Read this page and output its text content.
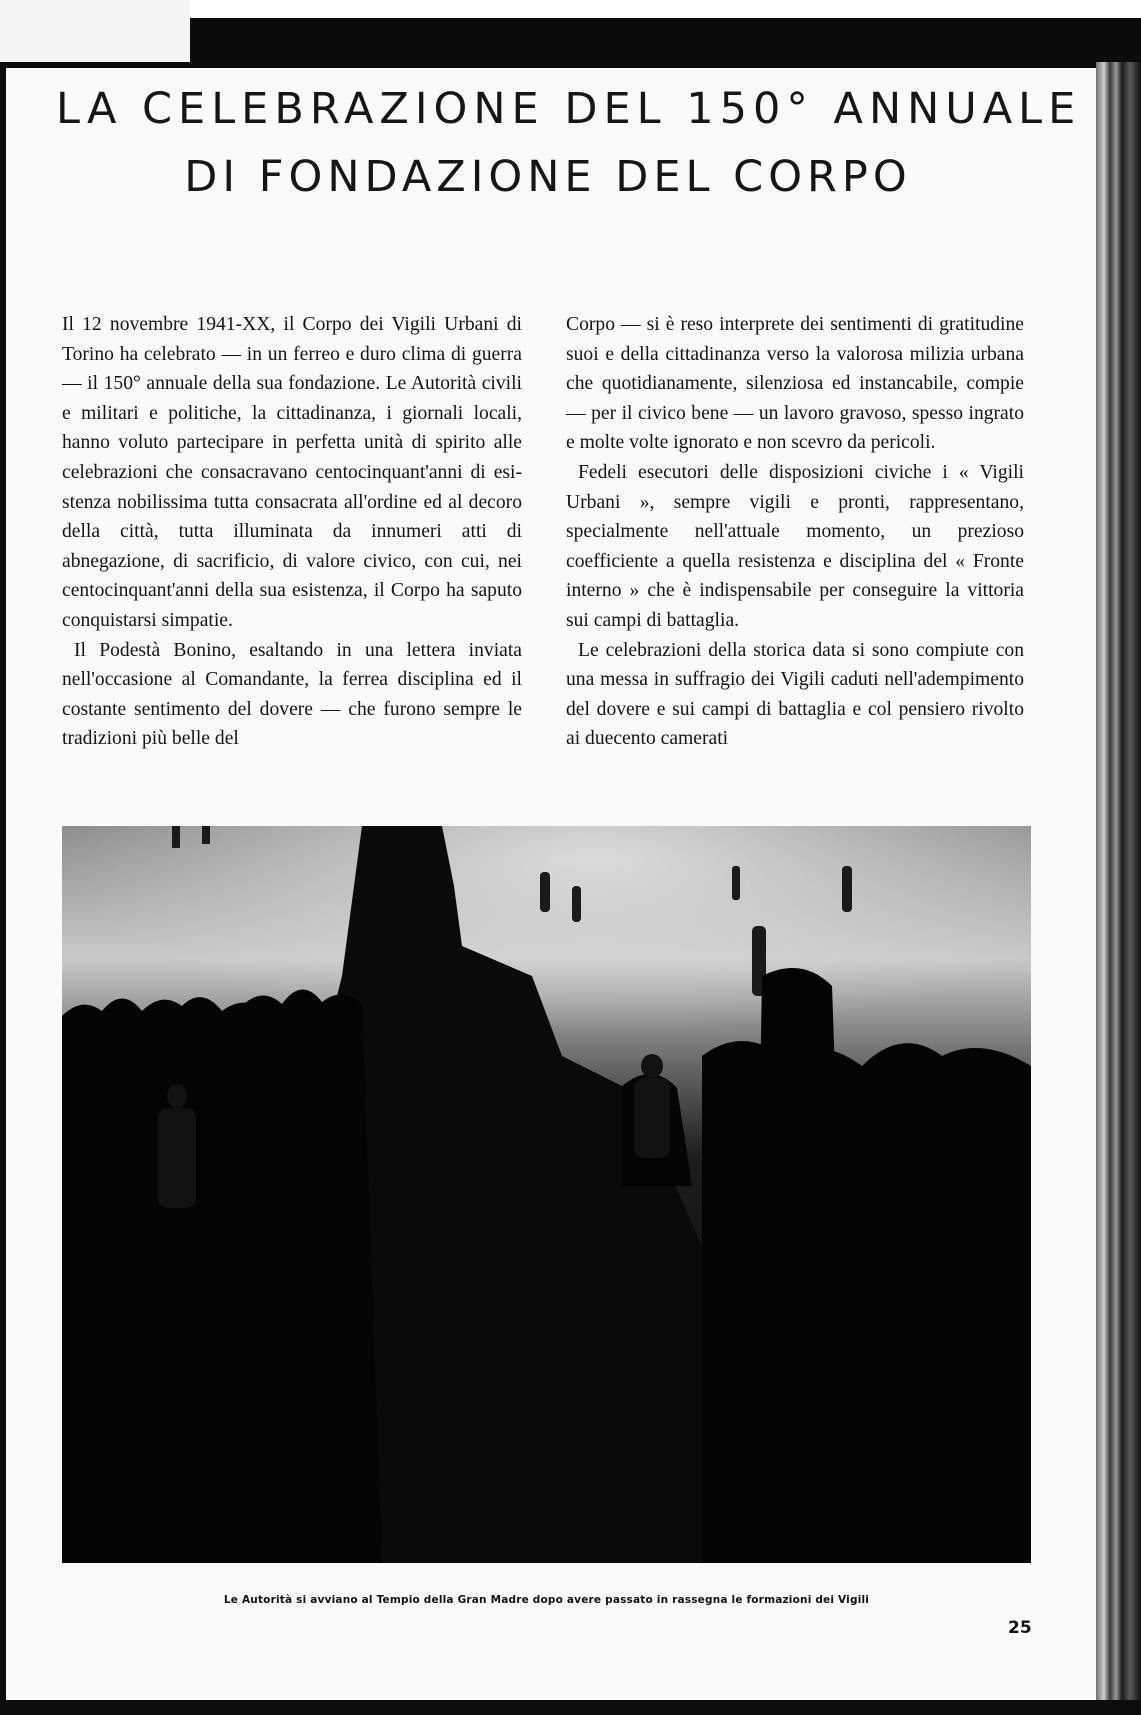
LA CELEBRAZIONE DEL 150° ANNUALE
DI FONDAZIONE DEL CORPO

Il 12 novembre 1941-XX, il Corpo dei Vigili Urbani di Torino ha celebrato — in un ferreo e duro clima di guerra — il 150° annuale della sua fondazione. Le Autorità civili e militari e politiche, la cittadinanza, i giornali locali, hanno voluto partecipare in perfetta unità di spirito alle celebrazioni che consacravano centocinquant'anni di esistenza nobilissima tutta consacrata all'ordine ed al decoro della città, tutta illuminata da innumeri atti di abnegazione, di sacrificio, di valore civico, con cui, nei centocinquant'anni della sua esistenza, il Corpo ha saputo conquistarsi simpatie.

Il Podestà Bonino, esaltando in una lettera inviata nell'occasione al Comandante, la ferrea disciplina ed il costante sentimento del dovere — che furono sempre le tradizioni più belle del

Corpo — si è reso interprete dei sentimenti di gratitudine suoi e della cittadinanza verso la valorosa milizia urbana che quotidianamente, silenziosa ed instancabile, compie — per il civico bene — un lavoro gravoso, spesso ingrato e molte volte ignorato e non scevro da pericoli.

Fedeli esecutori delle disposizioni civiche i « Vigili Urbani », sempre vigili e pronti, rappresentano, specialmente nell'attuale momento, un prezioso coefficiente a quella resistenza e disciplina del « Fronte interno » che è indispensabile per conseguire la vittoria sui campi di battaglia.

Le celebrazioni della storica data si sono compiute con una messa in suffragio dei Vigili caduti nell'adempimento del dovere e sui campi di battaglia e col pensiero rivolto ai duecento camerati

Le Autorità si avviano al Tempio della Gran Madre dopo avere passato in rassegna le formazioni dei Vigili
25
